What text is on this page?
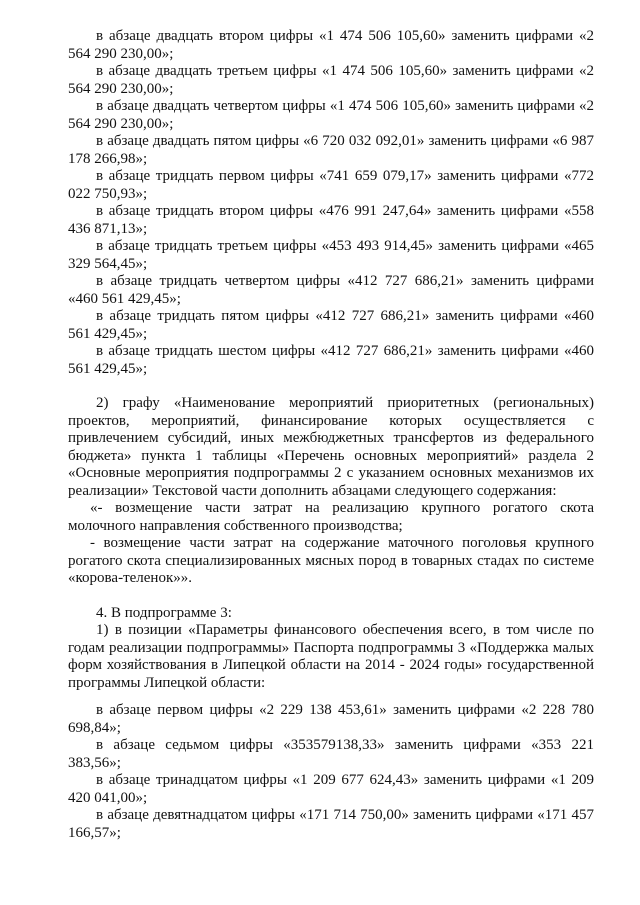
в абзаце двадцать втором цифры «1 474 506 105,60» заменить цифрами «2 564 290 230,00»;

в абзаце двадцать третьем цифры «1 474 506 105,60» заменить цифрами «2 564 290 230,00»;

в абзаце двадцать четвертом цифры «1 474 506 105,60» заменить цифрами «2 564 290 230,00»;

в абзаце двадцать пятом цифры «6 720 032 092,01» заменить цифрами «6 987 178 266,98»;

в абзаце тридцать первом цифры «741 659 079,17» заменить цифрами «772 022 750,93»;

в абзаце тридцать втором цифры «476 991 247,64» заменить цифрами «558 436 871,13»;

в абзаце тридцать третьем цифры «453 493 914,45» заменить цифрами «465 329 564,45»;

в абзаце тридцать четвертом цифры «412 727 686,21» заменить цифрами «460 561 429,45»;

в абзаце тридцать пятом цифры «412 727 686,21» заменить цифрами «460 561 429,45»;

в абзаце тридцать шестом цифры «412 727 686,21» заменить цифрами «460 561 429,45»;

2) графу «Наименование мероприятий приоритетных (региональных) проектов, мероприятий, финансирование которых осуществляется с привлечением субсидий, иных межбюджетных трансфертов из федерального бюджета» пункта 1 таблицы «Перечень основных мероприятий» раздела 2 «Основные мероприятия подпрограммы 2 с указанием основных механизмов их реализации» Текстовой части дополнить абзацами следующего содержания:

«- возмещение части затрат на реализацию крупного рогатого скота молочного направления собственного производства;

- возмещение части затрат на содержание маточного поголовья крупного рогатого скота специализированных мясных пород в товарных стадах по системе «корова-теленок»».

4. В подпрограмме 3:

1) в позиции «Параметры финансового обеспечения всего, в том числе по годам реализации подпрограммы» Паспорта подпрограммы 3 «Поддержка малых форм хозяйствования в Липецкой области на 2014 - 2024 годы» государственной программы Липецкой области:

в абзаце первом цифры «2 229 138 453,61» заменить цифрами «2 228 780 698,84»;

в абзаце седьмом цифры «353579138,33» заменить цифрами «353 221 383,56»;

в абзаце тринадцатом цифры «1 209 677 624,43» заменить цифрами «1 209 420 041,00»;

в абзаце девятнадцатом цифры «171 714 750,00» заменить цифрами «171 457 166,57»;
